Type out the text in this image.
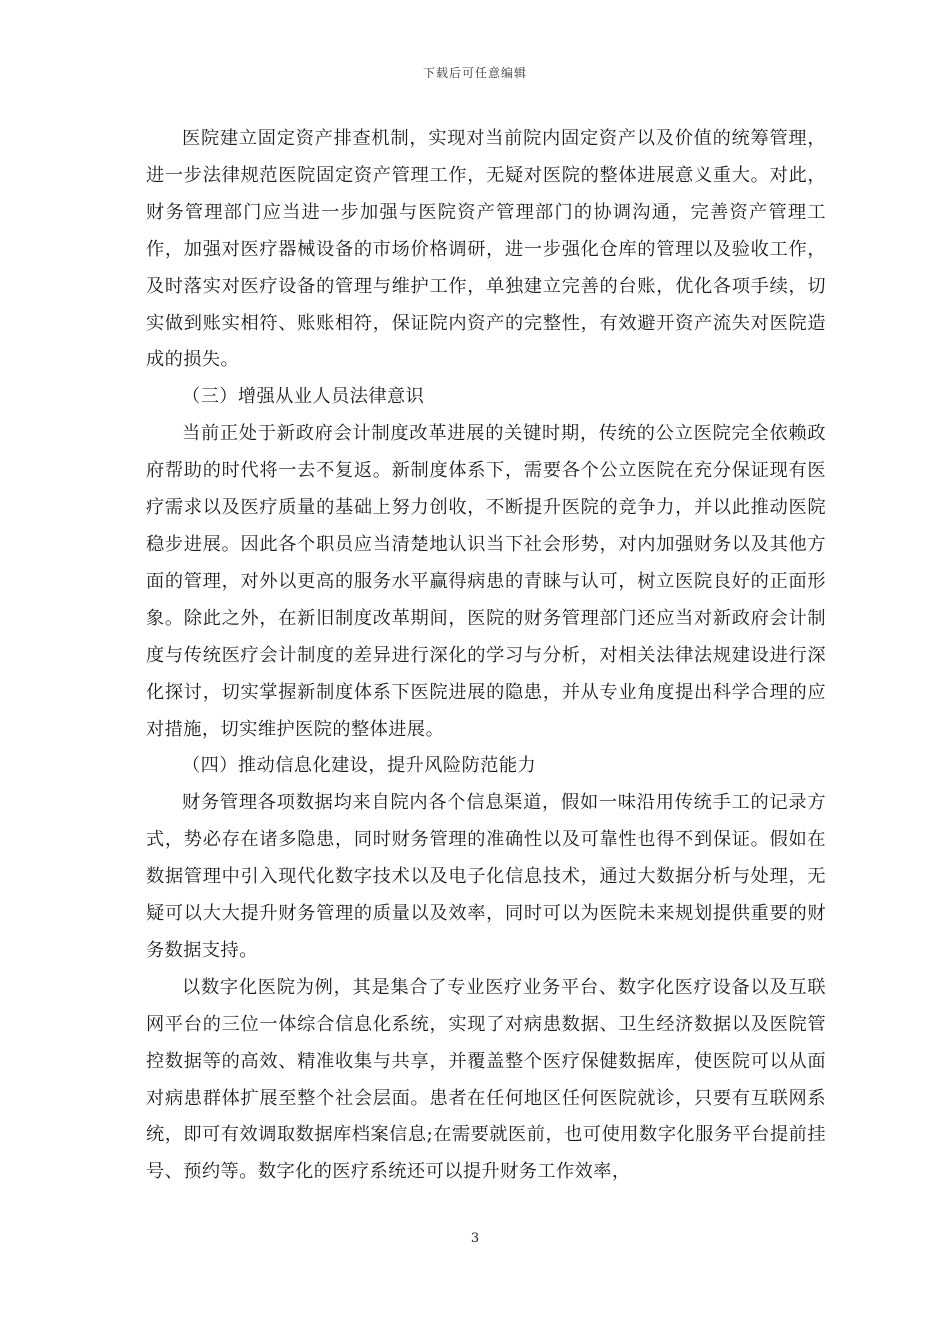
下载后可任意编辑

医院建立固定资产排查机制，实现对当前院内固定资产以及价值的统筹管理，进一步法律规范医院固定资产管理工作，无疑对医院的整体进展意义重大。对此，财务管理部门应当进一步加强与医院资产管理部门的协调沟通，完善资产管理工作，加强对医疗器械设备的市场价格调研，进一步强化仓库的管理以及验收工作，及时落实对医疗设备的管理与维护工作，单独建立完善的台账，优化各项手续，切实做到账实相符、账账相符，保证院内资产的完整性，有效避开资产流失对医院造成的损失。

（三）增强从业人员法律意识

当前正处于新政府会计制度改革进展的关键时期，传统的公立医院完全依赖政府帮助的时代将一去不复返。新制度体系下，需要各个公立医院在充分保证现有医疗需求以及医疗质量的基础上努力创收，不断提升医院的竞争力，并以此推动医院稳步进展。因此各个职员应当清楚地认识当下社会形势，对内加强财务以及其他方面的管理，对外以更高的服务水平赢得病患的青睐与认可，树立医院良好的正面形象。除此之外，在新旧制度改革期间，医院的财务管理部门还应当对新政府会计制度与传统医疗会计制度的差异进行深化的学习与分析，对相关法律法规建设进行深化探讨，切实掌握新制度体系下医院进展的隐患，并从专业角度提出科学合理的应对措施，切实维护医院的整体进展。

（四）推动信息化建设，提升风险防范能力

财务管理各项数据均来自院内各个信息渠道，假如一味沿用传统手工的记录方式，势必存在诸多隐患，同时财务管理的准确性以及可靠性也得不到保证。假如在数据管理中引入现代化数字技术以及电子化信息技术，通过大数据分析与处理，无疑可以大大提升财务管理的质量以及效率，同时可以为医院未来规划提供重要的财务数据支持。

以数字化医院为例，其是集合了专业医疗业务平台、数字化医疗设备以及互联网平台的三位一体综合信息化系统，实现了对病患数据、卫生经济数据以及医院管控数据等的高效、精准收集与共享，并覆盖整个医疗保健数据库，使医院可以从面对病患群体扩展至整个社会层面。患者在任何地区任何医院就诊，只要有互联网系统，即可有效调取数据库档案信息;在需要就医前，也可使用数字化服务平台提前挂号、预约等。数字化的医疗系统还可以提升财务工作效率，

3
